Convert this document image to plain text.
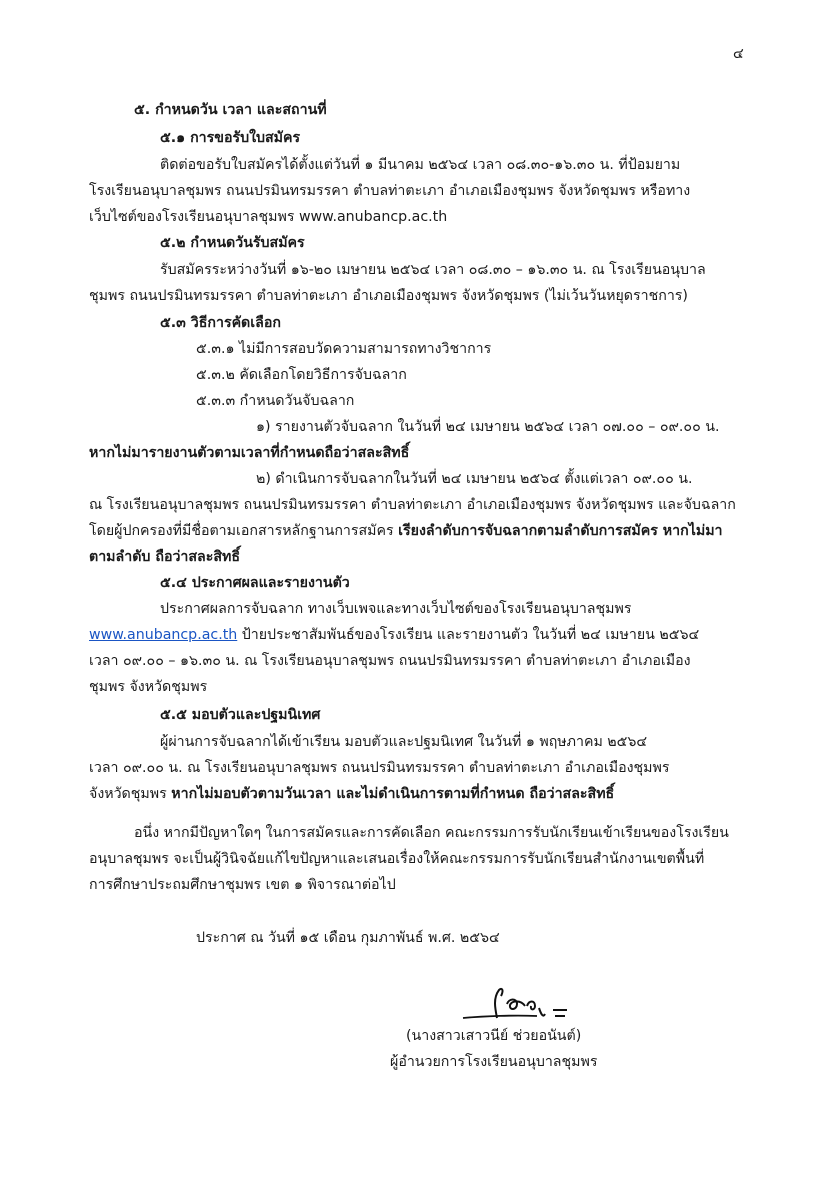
๔
๕. กำหนดวัน เวลา และสถานที่
๕.๑ การขอรับใบสมัคร
ติดต่อขอรับใบสมัครได้ตั้งแต่วันที่ ๑ มีนาคม ๒๕๖๔ เวลา ๐๘.๓๐-๑๖.๓๐ น. ที่ป้อมยาม
โรงเรียนอนุบาลชุมพร ถนนปรมินทรมรรคา ตำบลท่าตะเภา อำเภอเมืองชุมพร จังหวัดชุมพร หรือทาง
เว็บไซต์ของโรงเรียนอนุบาลชุมพร www.anubancp.ac.th
๕.๒ กำหนดวันรับสมัคร
รับสมัครระหว่างวันที่ ๑๖-๒๐ เมษายน ๒๕๖๔ เวลา ๐๘.๓๐ – ๑๖.๓๐ น. ณ โรงเรียนอนุบาล
ชุมพร ถนนปรมินทรมรรคา ตำบลท่าตะเภา อำเภอเมืองชุมพร จังหวัดชุมพร (ไม่เว้นวันหยุดราชการ)
๕.๓ วิธีการคัดเลือก
๕.๓.๑ ไม่มีการสอบวัดความสามารถทางวิชาการ
๕.๓.๒ คัดเลือกโดยวิธีการจับฉลาก
๕.๓.๓ กำหนดวันจับฉลาก
๑) รายงานตัวจับฉลาก ในวันที่ ๒๔ เมษายน ๒๕๖๔ เวลา ๐๗.๐๐ – ๐๙.๐๐ น.
หากไม่มารายงานตัวตามเวลาที่กำหนดถือว่าสละสิทธิ์
๒) ดำเนินการจับฉลากในวันที่ ๒๔ เมษายน ๒๕๖๔ ตั้งแต่เวลา ๐๙.๐๐ น.
ณ โรงเรียนอนุบาลชุมพร ถนนปรมินทรมรรคา ตำบลท่าตะเภา อำเภอเมืองชุมพร จังหวัดชุมพร และจับฉลาก
โดยผู้ปกครองที่มีชื่อตามเอกสารหลักฐานการสมัคร เรียงลำดับการจับฉลากตามลำดับการสมัคร หากไม่มา
ตามลำดับ ถือว่าสละสิทธิ์
๕.๔ ประกาศผลและรายงานตัว
ประกาศผลการจับฉลาก ทางเว็บเพจและทางเว็บไซต์ของโรงเรียนอนุบาลชุมพร
www.anubancp.ac.th ป้ายประชาสัมพันธ์ของโรงเรียน และรายงานตัว ในวันที่ ๒๔ เมษายน ๒๕๖๔
เวลา ๐๙.๐๐ – ๑๖.๓๐ น. ณ โรงเรียนอนุบาลชุมพร ถนนปรมินทรมรรคา ตำบลท่าตะเภา อำเภอเมือง
ชุมพร จังหวัดชุมพร
๕.๕ มอบตัวและปฐมนิเทศ
ผู้ผ่านการจับฉลากได้เข้าเรียน มอบตัวและปฐมนิเทศ ในวันที่ ๑ พฤษภาคม ๒๕๖๔
เวลา ๐๙.๐๐ น. ณ โรงเรียนอนุบาลชุมพร ถนนปรมินทรมรรคา ตำบลท่าตะเภา อำเภอเมืองชุมพร
จังหวัดชุมพร หากไม่มอบตัวตามวันเวลา และไม่ดำเนินการตามที่กำหนด ถือว่าสละสิทธิ์
อนึ่ง หากมีปัญหาใดๆ ในการสมัครและการคัดเลือก คณะกรรมการรับนักเรียนเข้าเรียนของโรงเรียน
อนุบาลชุมพร จะเป็นผู้วินิจฉัยแก้ไขปัญหาและเสนอเรื่องให้คณะกรรมการรับนักเรียนสำนักงานเขตพื้นที่
การศึกษาประถมศึกษาชุมพร เขต ๑ พิจารณาต่อไป
ประกาศ ณ วันที่ ๑๕ เดือน กุมภาพันธ์ พ.ศ. ๒๕๖๔
(นางสาวเสาวนีย์ ช่วยอนันต์)
ผู้อำนวยการโรงเรียนอนุบาลชุมพร
